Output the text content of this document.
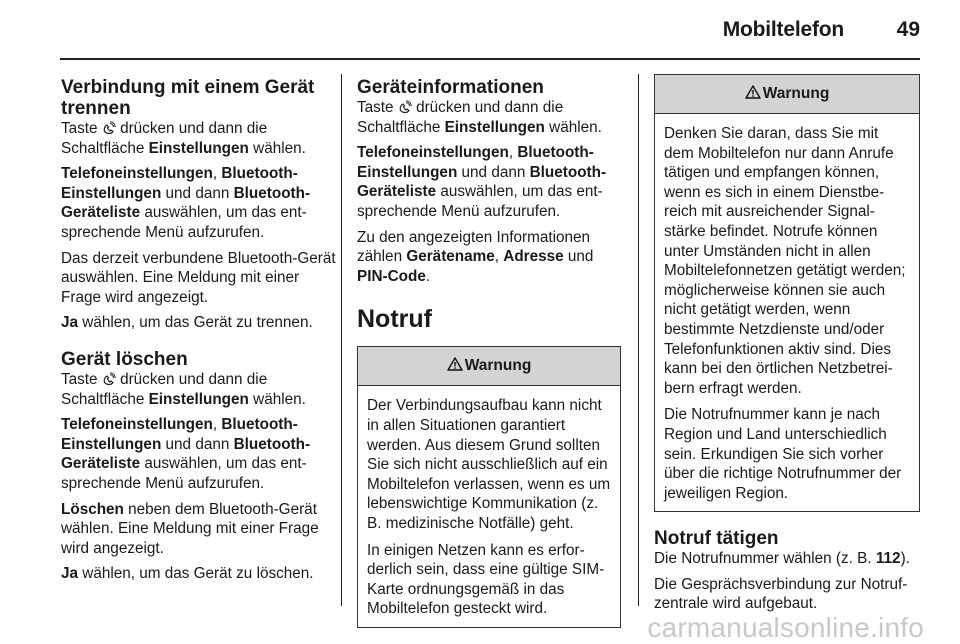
Mobiltelefon	49
Verbindung mit einem Gerät trennen

Taste drücken und dann die Schaltfläche Einstellungen wählen.

Telefoneinstellungen, Bluetooth-Einstellungen und dann Bluetooth-Geräteliste auswählen, um das entsprechende Menü aufzurufen.

Das derzeit verbundene Bluetooth-Gerät auswählen. Eine Meldung mit einer Frage wird angezeigt.

Ja wählen, um das Gerät zu trennen.

Gerät löschen

Taste drücken und dann die Schaltfläche Einstellungen wählen.

Telefoneinstellungen, Bluetooth-Einstellungen und dann Bluetooth-Geräteliste auswählen, um das entsprechende Menü aufzurufen.

Löschen neben dem Bluetooth-Gerät wählen. Eine Meldung mit einer Frage wird angezeigt.

Ja wählen, um das Gerät zu löschen.

Geräteinformationen

Taste drücken und dann die Schaltfläche Einstellungen wählen.

Telefoneinstellungen, Bluetooth-Einstellungen und dann Bluetooth-Geräteliste auswählen, um das entsprechende Menü aufzurufen.

Zu den angezeigten Informationen zählen Gerätename, Adresse und PIN-Code.

Notruf
Warnung

Der Verbindungsaufbau kann nicht in allen Situationen garantiert werden. Aus diesem Grund sollten Sie sich nicht ausschließlich auf ein Mobiltelefon verlassen, wenn es um lebenswichtige Kommunikation (z. B. medizinische Notfälle) geht.

In einigen Netzen kann es erforderlich sein, dass eine gültige SIM-Karte ordnungsgemäß in das Mobiltelefon gesteckt wird.

Warnung

Denken Sie daran, dass Sie mit dem Mobiltelefon nur dann Anrufe tätigen und empfangen können, wenn es sich in einem Dienstbereich mit ausreichender Signalstärke befindet. Notrufe können unter Umständen nicht in allen Mobiltelefonnetzen getätigt werden; möglicherweise können sie auch nicht getätigt werden, wenn bestimmte Netzdienste und/oder Telefonfunktionen aktiv sind. Dies kann bei den örtlichen Netzbetreibern erfragt werden.

Die Notrufnummer kann je nach Region und Land unterschiedlich sein. Erkundigen Sie sich vorher über die richtige Notrufnummer der jeweiligen Region.

Notruf tätigen

Die Notrufnummer wählen (z. B. 112).

Die Gesprächsverbindung zur Notrufzentrale wird aufgebaut.

carmanualsonline.info
